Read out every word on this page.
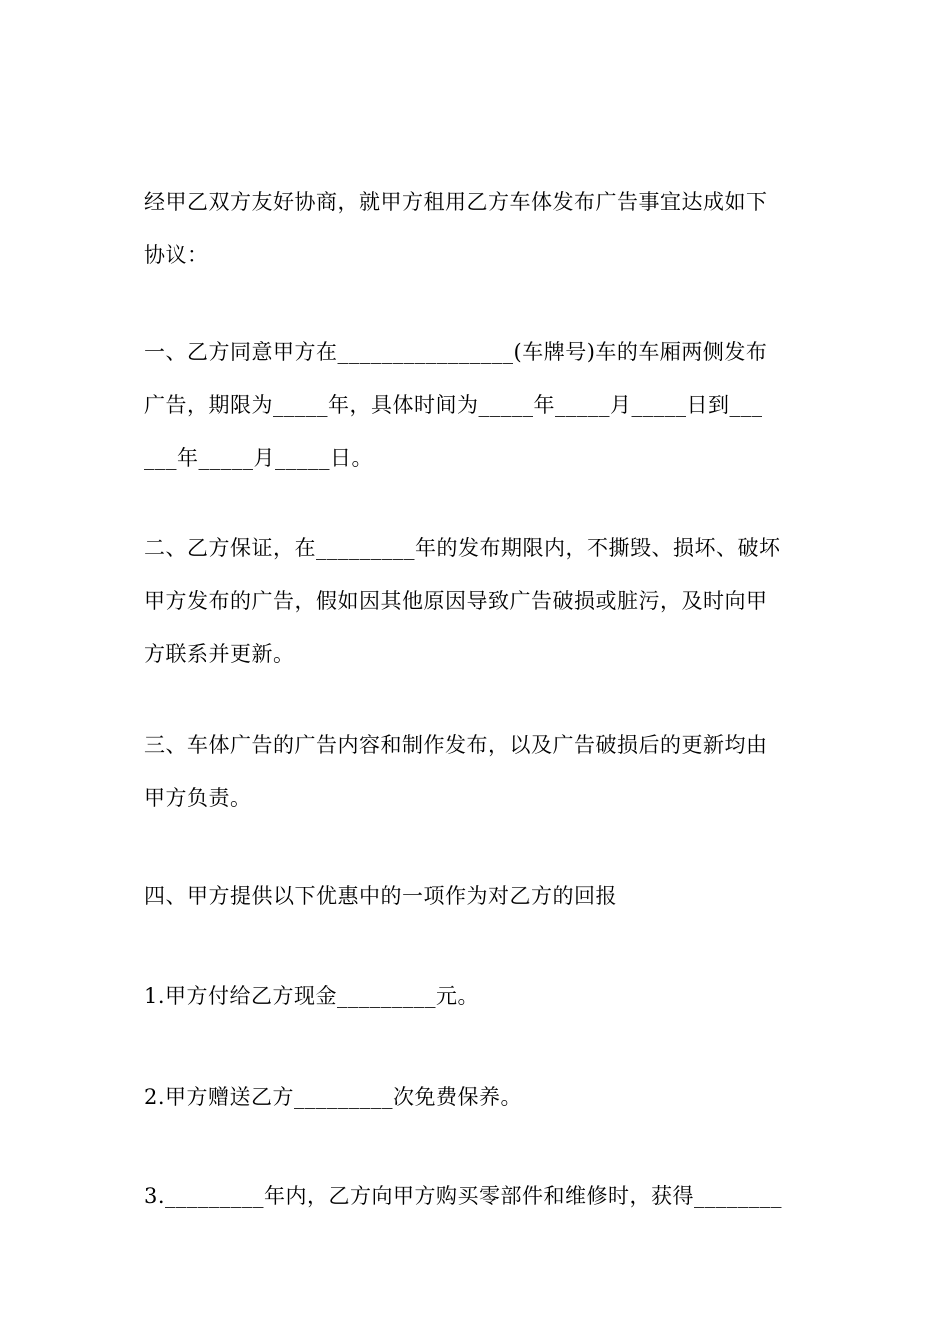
经甲乙双方友好协商，就甲方租用乙方车体发布广告事宜达成如下
协议：

一、乙方同意甲方在________________(车牌号)车的车厢两侧发布
广告，期限为_____年，具体时间为_____年_____月_____日到___
___年_____月_____日。

二、乙方保证，在_________年的发布期限内，不撕毁、损坏、破坏
甲方发布的广告，假如因其他原因导致广告破损或脏污，及时向甲
方联系并更新。

三、车体广告的广告内容和制作发布，以及广告破损后的更新均由
甲方负责。

四、甲方提供以下优惠中的一项作为对乙方的回报

1.甲方付给乙方现金_________元。

2.甲方赠送乙方_________次免费保养。

3._________年内，乙方向甲方购买零部件和维修时，获得________
